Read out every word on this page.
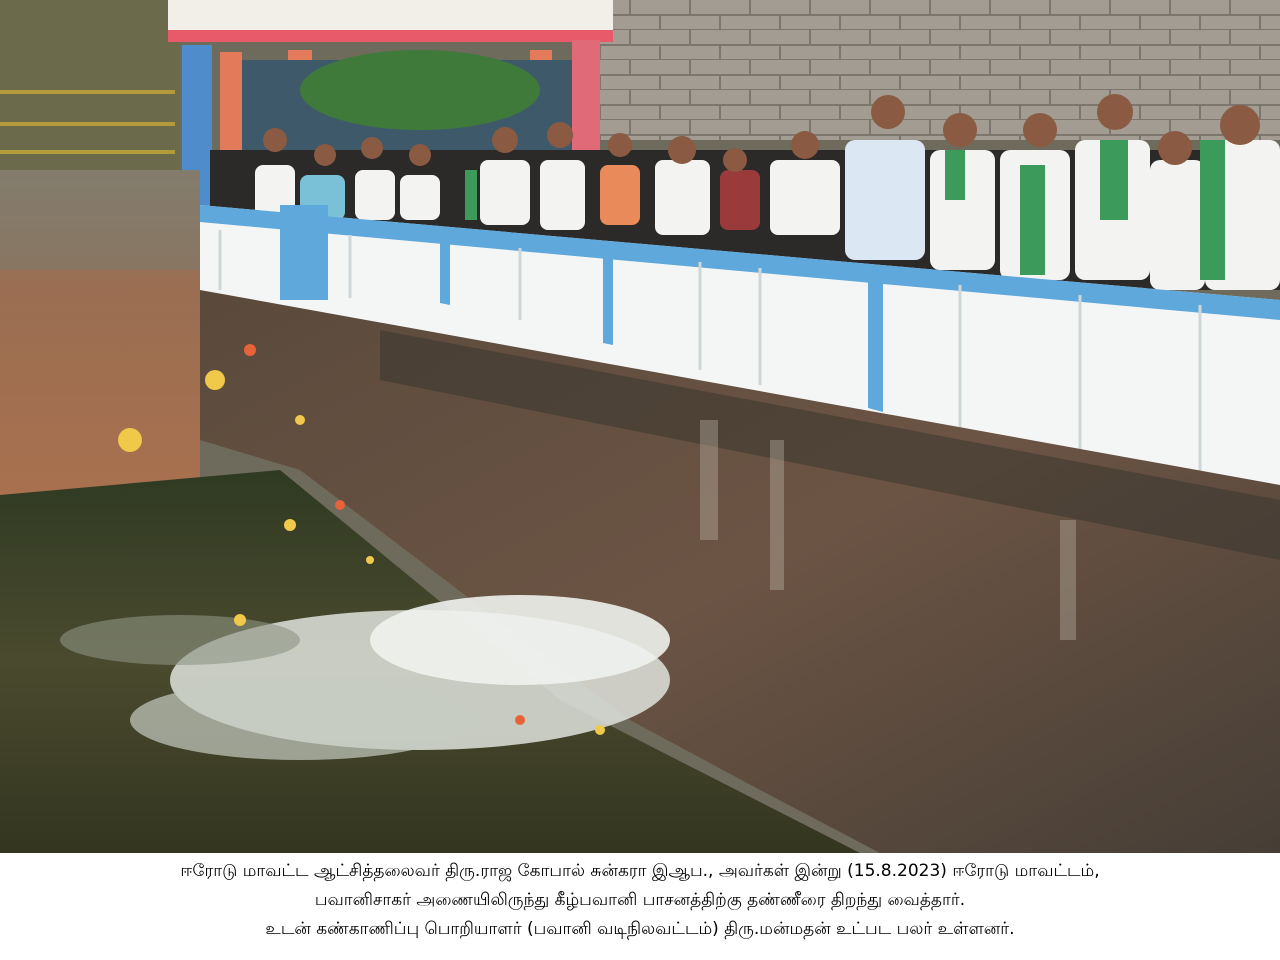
ஈரோடு மாவட்ட ஆட்சித்தலைவர் திரு.ராஜ கோபால் சுன்கரா இஆப., அவர்கள் இன்று (15.8.2023) ஈரோடு மாவட்டம்,
பவானிசாகர் அணையிலிருந்து கீழ்பவானி பாசனத்திற்கு தண்ணீரை திறந்து வைத்தார்.
உடன் கண்காணிப்பு பொறியாளர் (பவானி வடிநிலவட்டம்) திரு.மன்மதன் உட்பட பலர் உள்ளனர்.
